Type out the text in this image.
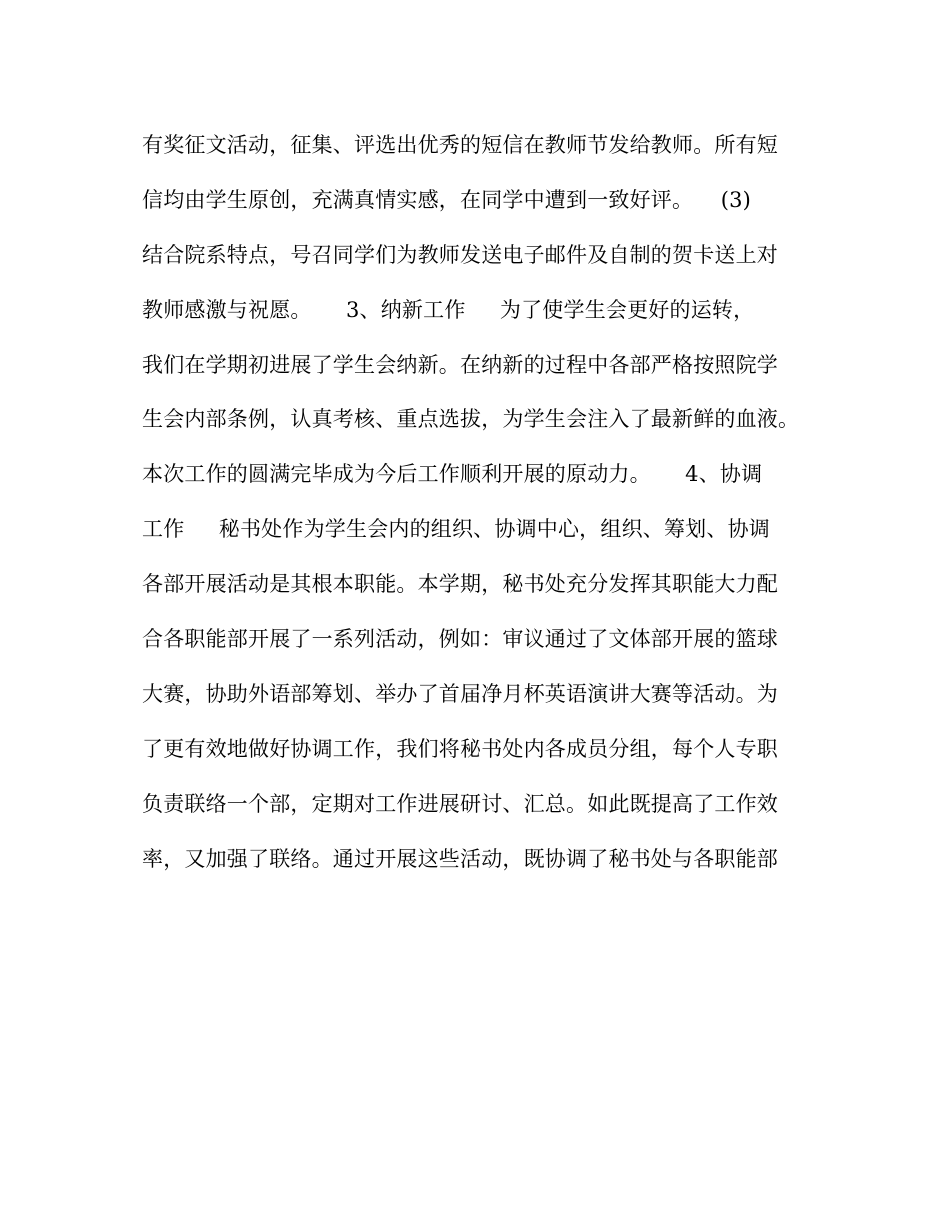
有奖征文活动，征集、评选出优秀的短信在教师节发给教师。所有短
信均由学生原创，充满真情实感，在同学中遭到一致好评。    (3)
结合院系特点，号召同学们为教师发送电子邮件及自制的贺卡送上对
教师感激与祝愿。     3、纳新工作     为了使学生会更好的运转，
我们在学期初进展了学生会纳新。在纳新的过程中各部严格按照院学
生会内部条例，认真考核、重点选拔，为学生会注入了最新鲜的血液。
本次工作的圆满完毕成为今后工作顺利开展的原动力。     4、协调
工作     秘书处作为学生会内的组织、协调中心，组织、筹划、协调
各部开展活动是其根本职能。本学期，秘书处充分发挥其职能大力配
合各职能部开展了一系列活动，例如：审议通过了文体部开展的篮球
大赛，协助外语部筹划、举办了首届净月杯英语演讲大赛等活动。为
了更有效地做好协调工作，我们将秘书处内各成员分组，每个人专职
负责联络一个部，定期对工作进展研讨、汇总。如此既提高了工作效
率，又加强了联络。通过开展这些活动，既协调了秘书处与各职能部
